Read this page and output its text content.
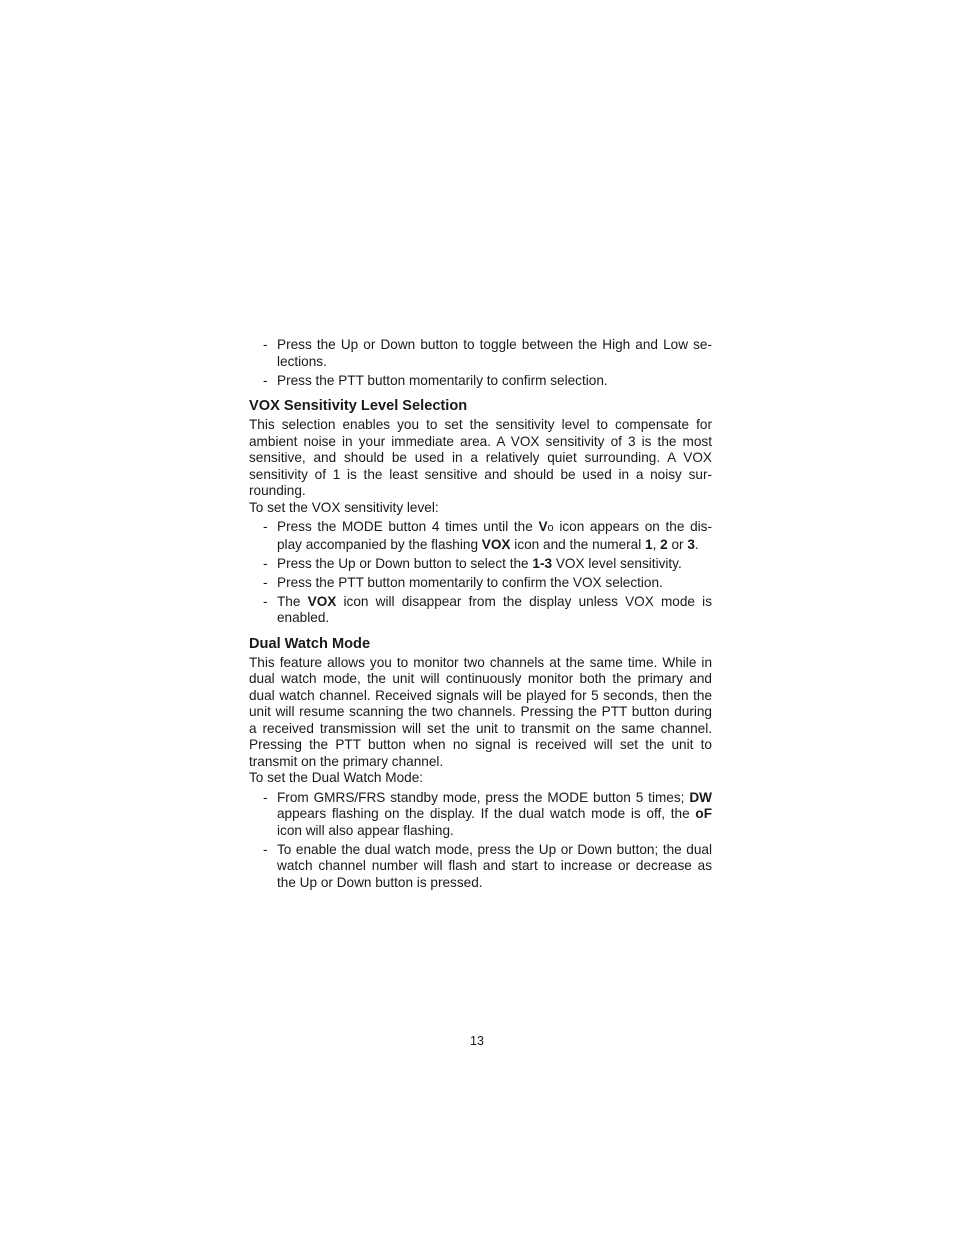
- Press the Up or Down button to toggle between the High and Low se-lections.
- Press the PTT button momentarily to confirm selection.
VOX Sensitivity Level Selection

This selection enables you to set the sensitivity level to compensate for ambient noise in your immediate area. A VOX sensitivity of 3 is the most sensitive, and should be used in a relatively quiet surrounding. A VOX sensitivity of 1 is the least sensitive and should be used in a noisy sur-rounding.

To set the VOX sensitivity level:

- Press the MODE button 4 times until the Vo icon appears on the dis-play accompanied by the flashing VOX icon and the numeral 1, 2 or 3.
- Press the Up or Down button to select the 1-3 VOX level sensitivity.
- Press the PTT button momentarily to confirm the VOX selection.
- The VOX icon will disappear from the display unless VOX mode is enabled.
Dual Watch Mode

This feature allows you to monitor two channels at the same time. While in dual watch mode, the unit will continuously monitor both the primary and dual watch channel. Received signals will be played for 5 seconds, then the unit will resume scanning the two channels. Pressing the PTT button during a received transmission will set the unit to transmit on the same channel. Pressing the PTT button when no signal is received will set the unit to transmit on the primary channel.

To set the Dual Watch Mode:

- From GMRS/FRS standby mode, press the MODE button 5 times; DW appears flashing on the display. If the dual watch mode is off, the oF icon will also appear flashing.
- To enable the dual watch mode, press the Up or Down button; the dual watch channel number will flash and start to increase or decrease as the Up or Down button is pressed.
13
